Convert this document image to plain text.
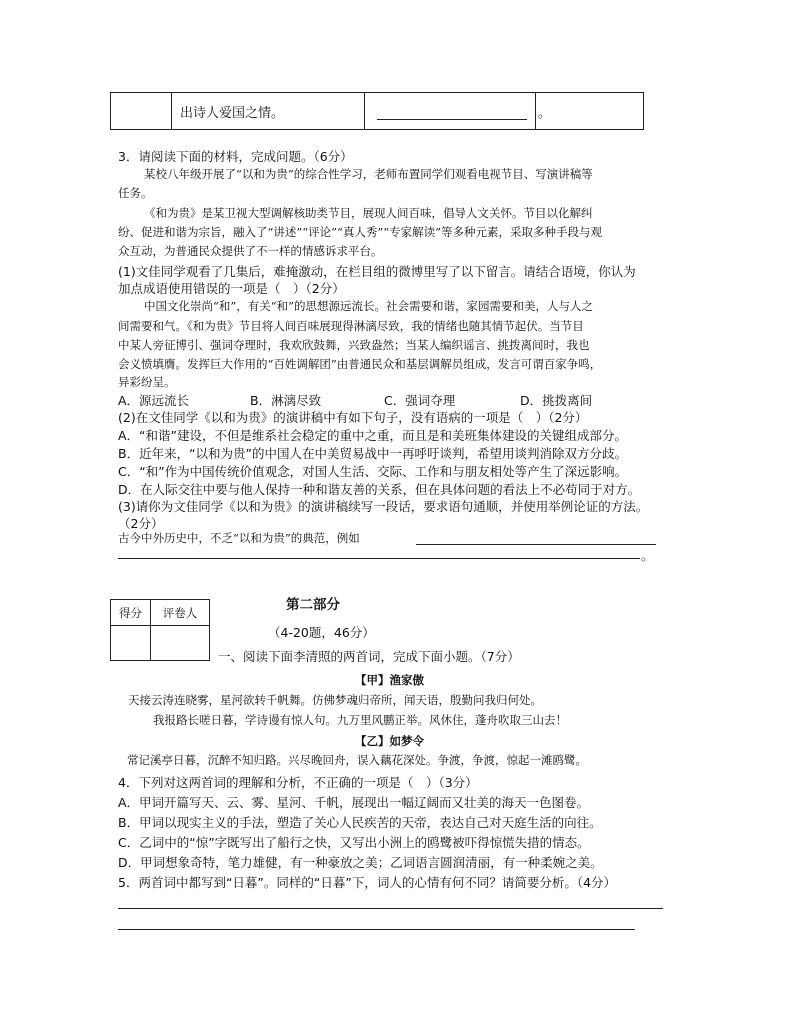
	出诗人爱国之情。		。
3．请阅读下面的材料，完成问题。（6分）
某校八年级开展了“以和为贵”的综合性学习，老师布置同学们观看电视节目、写演讲稿等
任务。
《和为贵》是某卫视大型调解核助类节目，展现人间百味，倡导人文关怀。节目以化解纠
纷、促进和谐为宗旨，融入了“讲述”“评论”“真人秀”“专家解读”等多种元素，采取多种手段与观
众互动，为普通民众提供了不一样的情感诉求平台。
(1)文佳同学观看了几集后，难掩激动，在栏目组的微博里写了以下留言。请结合语境，你认为
加点成语使用错误的一项是（　）（2分）
中国文化崇尚“和”，有关“和”的思想源远流长。社会需要和谐，家园需要和美，人与人之
间需要和气。《和为贵》节目将人间百味展现得淋漓尽致，我的情绪也随其情节起伏。当节目
中某人旁征博引、强词夺理时，我欢欣鼓舞，兴致盎然；当某人编织谣言、挑拨离间时，我也
会义愤填膺。发挥巨大作用的“百姓调解团”由普通民众和基层调解员组成，发言可谓百家争鸣，
异彩纷呈。
A．源远流长	B．淋漓尽致	C．强词夺理	D．挑拨离间
(2)在文佳同学《以和为贵》的演讲稿中有如下句子，没有语病的一项是（　）（2分）
A．“和谐”建设，不但是维系社会稳定的重中之重，而且是和美班集体建设的关键组成部分。
B．近年来，“以和为贵”的中国人在中美贸易战中一再呼吁谈判，希望用谈判消除双方分歧。
C．“和”作为中国传统价值观念，对国人生活、交际、工作和与朋友相处等产生了深远影响。
D．在人际交往中要与他人保持一种和谐友善的关系，但在具体问题的看法上不必苟同于对方。
(3)请你为文佳同学《以和为贵》的演讲稿续写一段话，要求语句通顺，并使用举例论证的方法。
（2分）
古今中外历史中，不乏“以和为贵”的典范，例如
。
得分	评卷人
		第二部分
（4-20题，46分）
一、阅读下面李清照的两首词，完成下面小题。（7分）
【甲】渔家傲
天接云涛连晓雾，星河欲转千帆舞。仿佛梦魂归帝所，闻天语，殷勤问我归何处。
我报路长嗟日暮，学诗谩有惊人句。九万里风鹏正举。风休住，蓬舟吹取三山去！
【乙】如梦令
常记溪亭日暮，沉醉不知归路。兴尽晚回舟，误入藕花深处。争渡，争渡，惊起一滩鸥鹭。
4．下列对这两首词的理解和分析，不正确的一项是（　）（3分）
A．甲词开篇写天、云、雾、星河、千帆，展现出一幅辽阔而又壮美的海天一色图卷。
B．甲词以现实主义的手法，塑造了关心人民疾苦的天帝，表达自己对天庭生活的向往。
C．乙词中的“惊”字既写出了船行之快，又写出小洲上的鸥鹭被吓得惊慌失措的情态。
D．甲词想象奇特，笔力雄健，有一种豪放之美；乙词语言圆润清丽，有一种柔婉之美。
5．两首词中都写到“日暮”。同样的“日暮”下，词人的心情有何不同？请简要分析。（4分）
